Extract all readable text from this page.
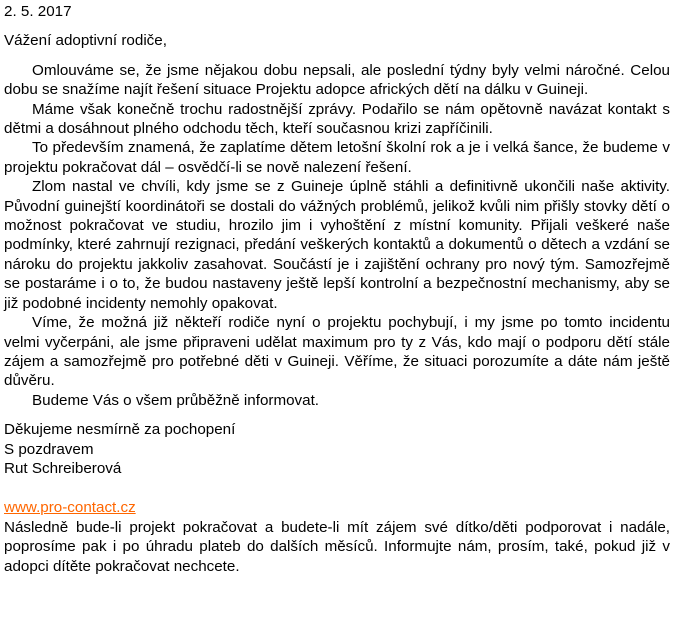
2. 5. 2017

Vážení adoptivní rodiče,

Omlouváme se, že jsme nějakou dobu nepsali, ale poslední týdny byly velmi náročné. Celou dobu se snažíme najít řešení situace Projektu adopce afrických dětí na dálku v Guineji.

Máme však konečně trochu radostnější zprávy. Podařilo se nám opětovně navázat kontakt s dětmi a dosáhnout plného odchodu těch, kteří současnou krizi zapříčinili.

To především znamená, že zaplatíme dětem letošní školní rok a je i velká šance, že budeme v projektu pokračovat dál – osvědčí-li se nově nalezení řešení.

Zlom nastal ve chvíli, kdy jsme se z Guineje úplně stáhli a definitivně ukončili naše aktivity. Původní guinejští koordinátoři se dostali do vážných problémů, jelikož kvůli nim přišly stovky dětí o možnost pokračovat ve studiu, hrozilo jim i vyhoštění z místní komunity. Přijali veškeré naše podmínky, které zahrnují rezignaci, předání veškerých kontaktů a dokumentů o dětech a vzdání se nároku do projektu jakkoliv zasahovat. Součástí je i zajištění ochrany pro nový tým. Samozřejmě se postaráme i o to, že budou nastaveny ještě lepší kontrolní a bezpečnostní mechanismy, aby se již podobné incidenty nemohly opakovat.

Víme, že možná již někteří rodiče nyní o projektu pochybují, i my jsme po tomto incidentu velmi vyčerpáni, ale jsme připraveni udělat maximum pro ty z Vás, kdo mají o podporu dětí stále zájem a samozřejmě pro potřebné děti v Guineji. Věříme, že situaci porozumíte a dáte nám ještě důvěru.

Budeme Vás o všem průběžně informovat.

Děkujeme nesmírně za pochopení

S pozdravem

Rut Schreiberová

www.pro-contact.cz

Následně bude-li projekt pokračovat a budete-li mít zájem své dítko/děti podporovat i nadále, poprosíme pak i po úhradu plateb do dalších měsíců. Informujte nám, prosím, také, pokud již v adopci dítěte pokračovat nechcete.
